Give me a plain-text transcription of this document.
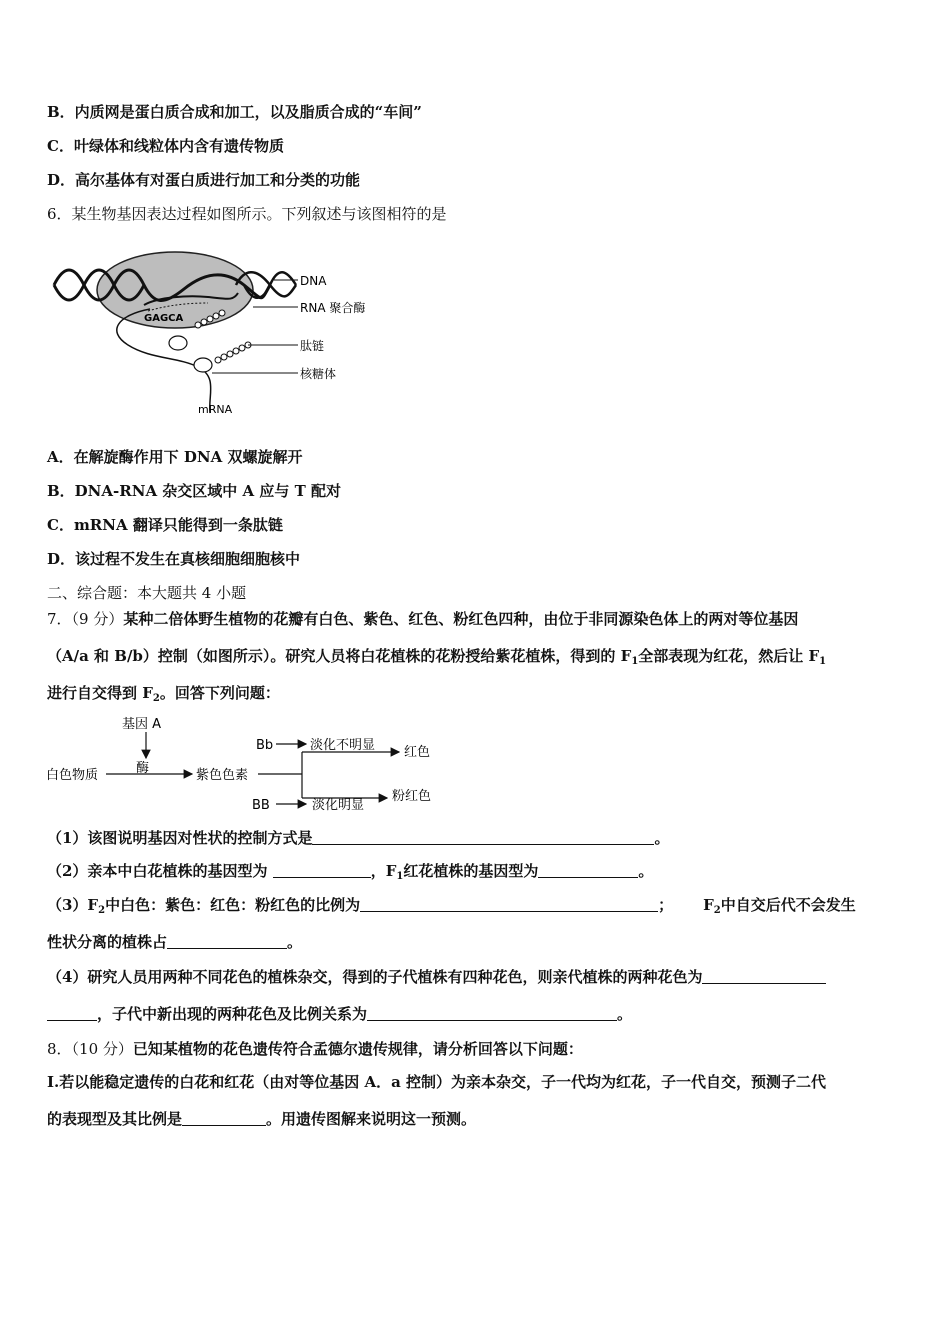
B．内质网是蛋白质合成和加工，以及脂质合成的“车间”
C．叶绿体和线粒体内含有遗传物质
D．高尔基体有对蛋白质进行加工和分类的功能
6．某生物基因表达过程如图所示。下列叙述与该图相符的是
DNA
RNA 聚合酶
肽链
核糖体
mRNA
GAGCA
A．在解旋酶作用下 DNA 双螺旋解开
B．DNA-RNA 杂交区域中 A 应与 T 配对
C．mRNA 翻译只能得到一条肽链
D．该过程不发生在真核细胞细胞核中
二、综合题：本大题共 4 小题
7．（9 分）某种二倍体野生植物的花瓣有白色、紫色、红色、粉红色四种，由位于非同源染色体上的两对等位基因
（A/a 和 B/b）控制（如图所示）。研究人员将白花植株的花粉授给紫花植株，得到的 $F_1$全部表现为红花，然后让 $F_1$
进行自交得到 $F_2$。回答下列问题：
基因 A
白色物质	酶	紫色色素
Bb	淡化不明显 红色
BB	淡化明显
粉红色
（1）该图说明基因对性状的控制方式是	。
（2）亲本中白花植株的基因型为	，$F_1$红花植株的基因型为	。
$(3)F_2$中白色：紫色：红色：粉红色的比例为	； $F_2$中自交后代不会发生
性状分离的植株占	。
（4）研究人员用两种不同花色的植株杂交，得到的子代植株有四种花色，则亲代植株的两种花色为
，子代中新出现的两种花色及比例关系为	。
8．（10 分）已知某植物的花色遗传符合孟德尔遗传规律，请分析回答以下问题：
I.若以能稳定遗传的白花和红花（由对等位基因 A．a 控制）为亲本杂交，子一代均为红花，子一代自交，预测子二代
的表现型及其比例是	。用遗传图解来说明这一预测。
